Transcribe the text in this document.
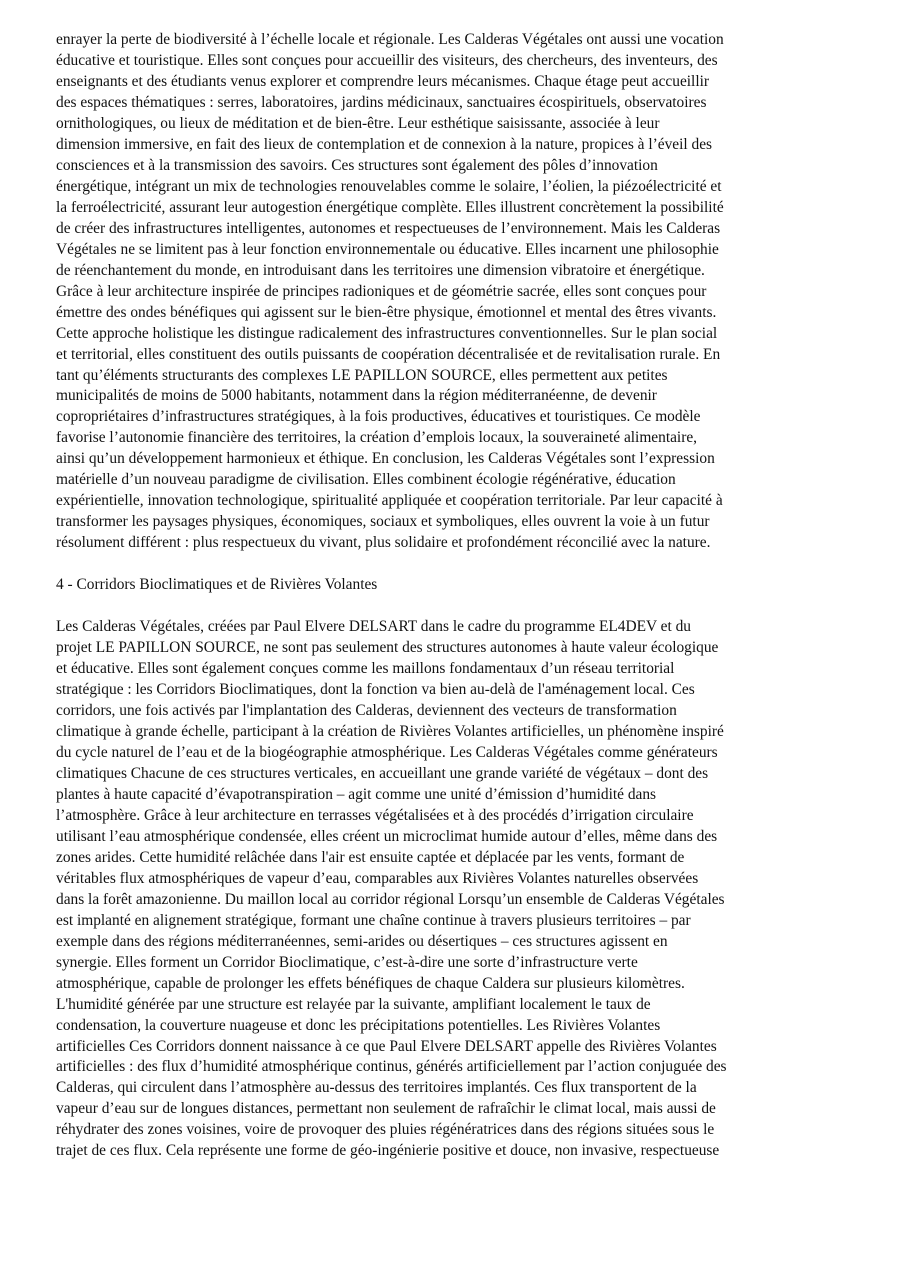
enrayer la perte de biodiversité à l’échelle locale et régionale. Les Calderas Végétales ont aussi une vocation
éducative et touristique. Elles sont conçues pour accueillir des visiteurs, des chercheurs, des inventeurs, des
enseignants et des étudiants venus explorer et comprendre leurs mécanismes. Chaque étage peut accueillir
des espaces thématiques : serres, laboratoires, jardins médicinaux, sanctuaires écospirituels, observatoires
ornithologiques, ou lieux de méditation et de bien-être. Leur esthétique saisissante, associée à leur
dimension immersive, en fait des lieux de contemplation et de connexion à la nature, propices à l’éveil des
consciences et à la transmission des savoirs. Ces structures sont également des pôles d’innovation
énergétique, intégrant un mix de technologies renouvelables comme le solaire, l’éolien, la piézoélectricité et
la ferroélectricité, assurant leur autogestion énergétique complète. Elles illustrent concrètement la possibilité
de créer des infrastructures intelligentes, autonomes et respectueuses de l’environnement. Mais les Calderas
Végétales ne se limitent pas à leur fonction environnementale ou éducative. Elles incarnent une philosophie
de réenchantement du monde, en introduisant dans les territoires une dimension vibratoire et énergétique.
Grâce à leur architecture inspirée de principes radioniques et de géométrie sacrée, elles sont conçues pour
émettre des ondes bénéfiques qui agissent sur le bien-être physique, émotionnel et mental des êtres vivants.
Cette approche holistique les distingue radicalement des infrastructures conventionnelles. Sur le plan social
et territorial, elles constituent des outils puissants de coopération décentralisée et de revitalisation rurale. En
tant qu’éléments structurants des complexes LE PAPILLON SOURCE, elles permettent aux petites
municipalités de moins de 5000 habitants, notamment dans la région méditerranéenne, de devenir
copropriétaires d’infrastructures stratégiques, à la fois productives, éducatives et touristiques. Ce modèle
favorise l’autonomie financière des territoires, la création d’emplois locaux, la souveraineté alimentaire,
ainsi qu’un développement harmonieux et éthique. En conclusion, les Calderas Végétales sont l’expression
matérielle d’un nouveau paradigme de civilisation. Elles combinent écologie régénérative, éducation
expérientielle, innovation technologique, spiritualité appliquée et coopération territoriale. Par leur capacité à
transformer les paysages physiques, économiques, sociaux et symboliques, elles ouvrent la voie à un futur
résolument différent : plus respectueux du vivant, plus solidaire et profondément réconcilié avec la nature.
4 - Corridors Bioclimatiques et de Rivières Volantes
Les Calderas Végétales, créées par Paul Elvere DELSART dans le cadre du programme EL4DEV et du
projet LE PAPILLON SOURCE, ne sont pas seulement des structures autonomes à haute valeur écologique
et éducative. Elles sont également conçues comme les maillons fondamentaux d’un réseau territorial
stratégique : les Corridors Bioclimatiques, dont la fonction va bien au-delà de l'aménagement local. Ces
corridors, une fois activés par l'implantation des Calderas, deviennent des vecteurs de transformation
climatique à grande échelle, participant à la création de Rivières Volantes artificielles, un phénomène inspiré
du cycle naturel de l’eau et de la biogéographie atmosphérique. Les Calderas Végétales comme générateurs
climatiques Chacune de ces structures verticales, en accueillant une grande variété de végétaux – dont des
plantes à haute capacité d’évapotranspiration – agit comme une unité d’émission d’humidité dans
l’atmosphère. Grâce à leur architecture en terrasses végétalisées et à des procédés d’irrigation circulaire
utilisant l’eau atmosphérique condensée, elles créent un microclimat humide autour d’elles, même dans des
zones arides. Cette humidité relâchée dans l'air est ensuite captée et déplacée par les vents, formant de
véritables flux atmosphériques de vapeur d’eau, comparables aux Rivières Volantes naturelles observées
dans la forêt amazonienne. Du maillon local au corridor régional Lorsqu’un ensemble de Calderas Végétales
est implanté en alignement stratégique, formant une chaîne continue à travers plusieurs territoires – par
exemple dans des régions méditerranéennes, semi-arides ou désertiques – ces structures agissent en
synergie. Elles forment un Corridor Bioclimatique, c’est-à-dire une sorte d’infrastructure verte
atmosphérique, capable de prolonger les effets bénéfiques de chaque Caldera sur plusieurs kilomètres.
L'humidité générée par une structure est relayée par la suivante, amplifiant localement le taux de
condensation, la couverture nuageuse et donc les précipitations potentielles. Les Rivières Volantes
artificielles Ces Corridors donnent naissance à ce que Paul Elvere DELSART appelle des Rivières Volantes
artificielles : des flux d’humidité atmosphérique continus, générés artificiellement par l’action conjuguée des
Calderas, qui circulent dans l’atmosphère au-dessus des territoires implantés. Ces flux transportent de la
vapeur d’eau sur de longues distances, permettant non seulement de rafraîchir le climat local, mais aussi de
réhydrater des zones voisines, voire de provoquer des pluies régénératrices dans des régions situées sous le
trajet de ces flux. Cela représente une forme de géo-ingénierie positive et douce, non invasive, respectueuse
